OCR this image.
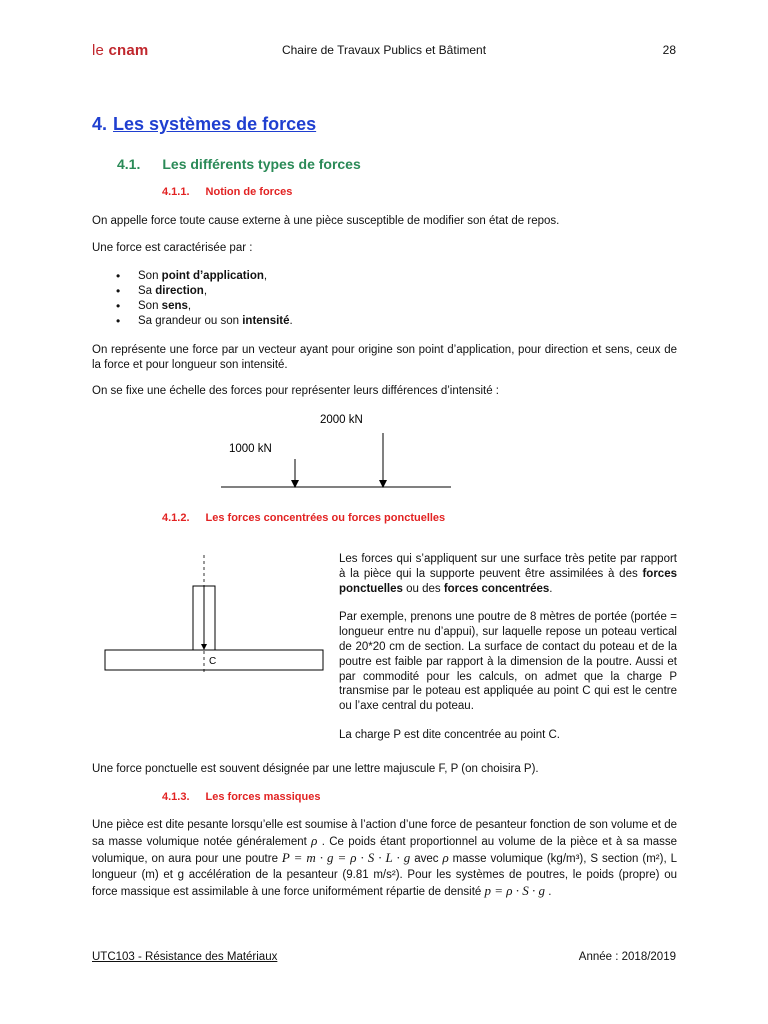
le cnam	Chaire de Travaux Publics et Bâtiment	28
4. Les systèmes de forces
4.1. Les différents types de forces
4.1.1. Notion de forces
On appelle force toute cause externe à une pièce susceptible de modifier son état de repos.
Une force est caractérisée par :
• Son point d’application,
• Sa direction,
• Son sens,
• Sa grandeur ou son intensité.
On représente une force par un vecteur ayant pour origine son point d’application, pour direction et sens, ceux de la force et pour longueur son intensité.
On se fixe une échelle des forces pour représenter leurs différences d’intensité :
2000 kN
1000 kN
4.1.2. Les forces concentrées ou forces ponctuelles
C

Les forces qui s’appliquent sur une surface très petite par rapport à la pièce qui la supporte peuvent être assimilées à des forces ponctuelles ou des forces concentrées.

Par exemple, prenons une poutre de 8 mètres de portée (portée = longueur entre nu d’appui), sur laquelle repose un poteau vertical de 20*20 cm de section. La surface de contact du poteau et de la poutre est faible par rapport à la dimension de la poutre. Aussi et par commodité pour les calculs, on admet que la charge P transmise par le poteau est appliquée au point C qui est le centre ou l’axe central du poteau.

La charge P est dite concentrée au point C.

Une force ponctuelle est souvent désignée par une lettre majuscule F, P (on choisira P).
4.1.3. Les forces massiques
Une pièce est dite pesante lorsqu’elle est soumise à l’action d’une force de pesanteur fonction de son volume et de sa masse volumique notée généralement ρ . Ce poids étant proportionnel au volume de la pièce et à sa masse volumique, on aura pour une poutre P = m · g = ρ · S · L · g avec ρ masse volumique (kg/m³), S section (m²), L longueur (m) et g accélération de la pesanteur (9.81 m/s²). Pour les systèmes de poutres, le poids (propre) ou force massique est assimilable à une force uniformément répartie de densité p = ρ · S · g .
UTC103 - Résistance des Matériaux	Année : 2018/2019
